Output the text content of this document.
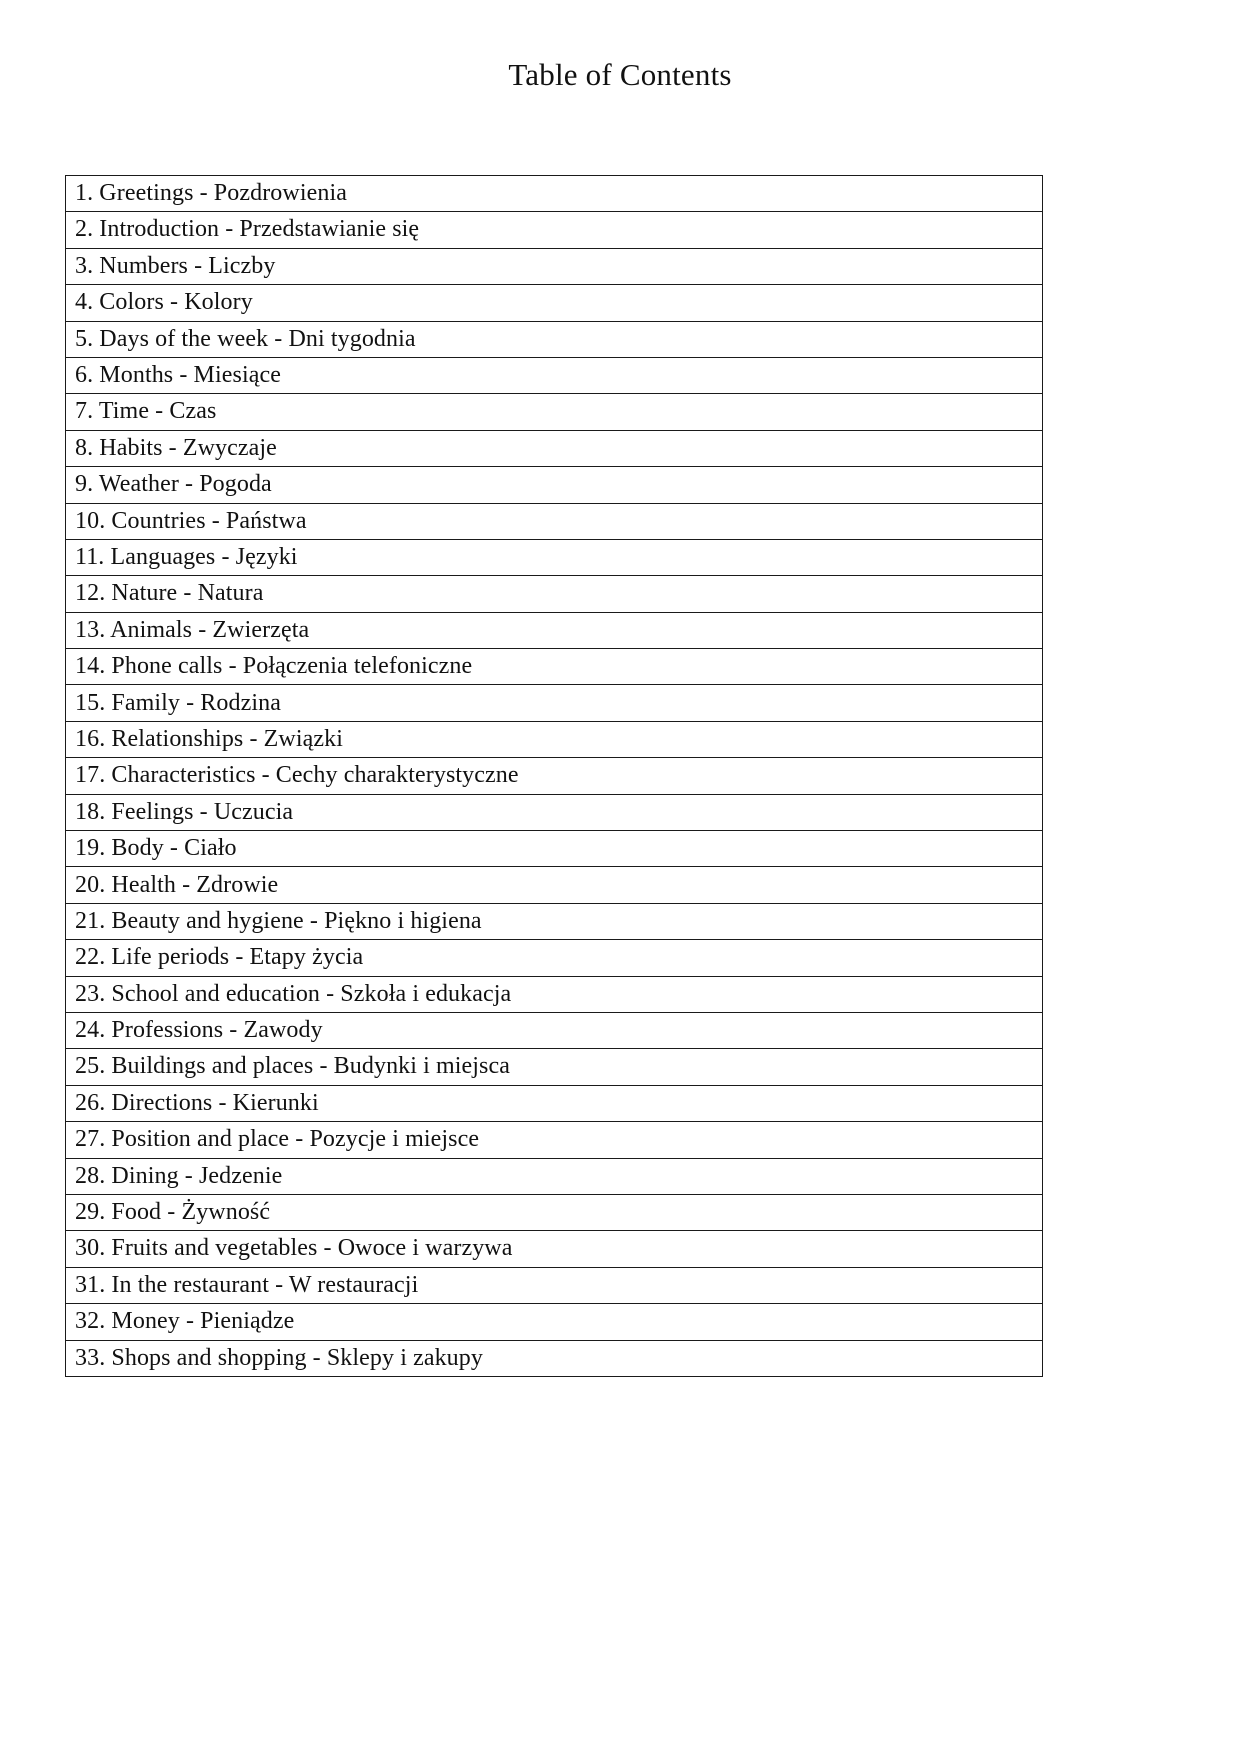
Table of Contents
1. Greetings - Pozdrowienia
2. Introduction - Przedstawianie się
3. Numbers - Liczby
4. Colors - Kolory
5. Days of the week - Dni tygodnia
6. Months - Miesiące
7. Time - Czas
8. Habits - Zwyczaje
9. Weather - Pogoda
10. Countries - Państwa
11. Languages - Języki
12. Nature - Natura
13. Animals - Zwierzęta
14. Phone calls - Połączenia telefoniczne
15. Family - Rodzina
16. Relationships - Związki
17. Characteristics - Cechy charakterystyczne
18. Feelings - Uczucia
19. Body - Ciało
20. Health - Zdrowie
21. Beauty and hygiene - Piękno i higiena
22. Life periods - Etapy życia
23. School and education - Szkoła i edukacja
24. Professions - Zawody
25. Buildings and places - Budynki i miejsca
26. Directions - Kierunki
27. Position and place - Pozycje i miejsce
28. Dining - Jedzenie
29. Food - Żywność
30. Fruits and vegetables - Owoce i warzywa
31. In the restaurant - W restauracji
32. Money - Pieniądze
33. Shops and shopping - Sklepy i zakupy
